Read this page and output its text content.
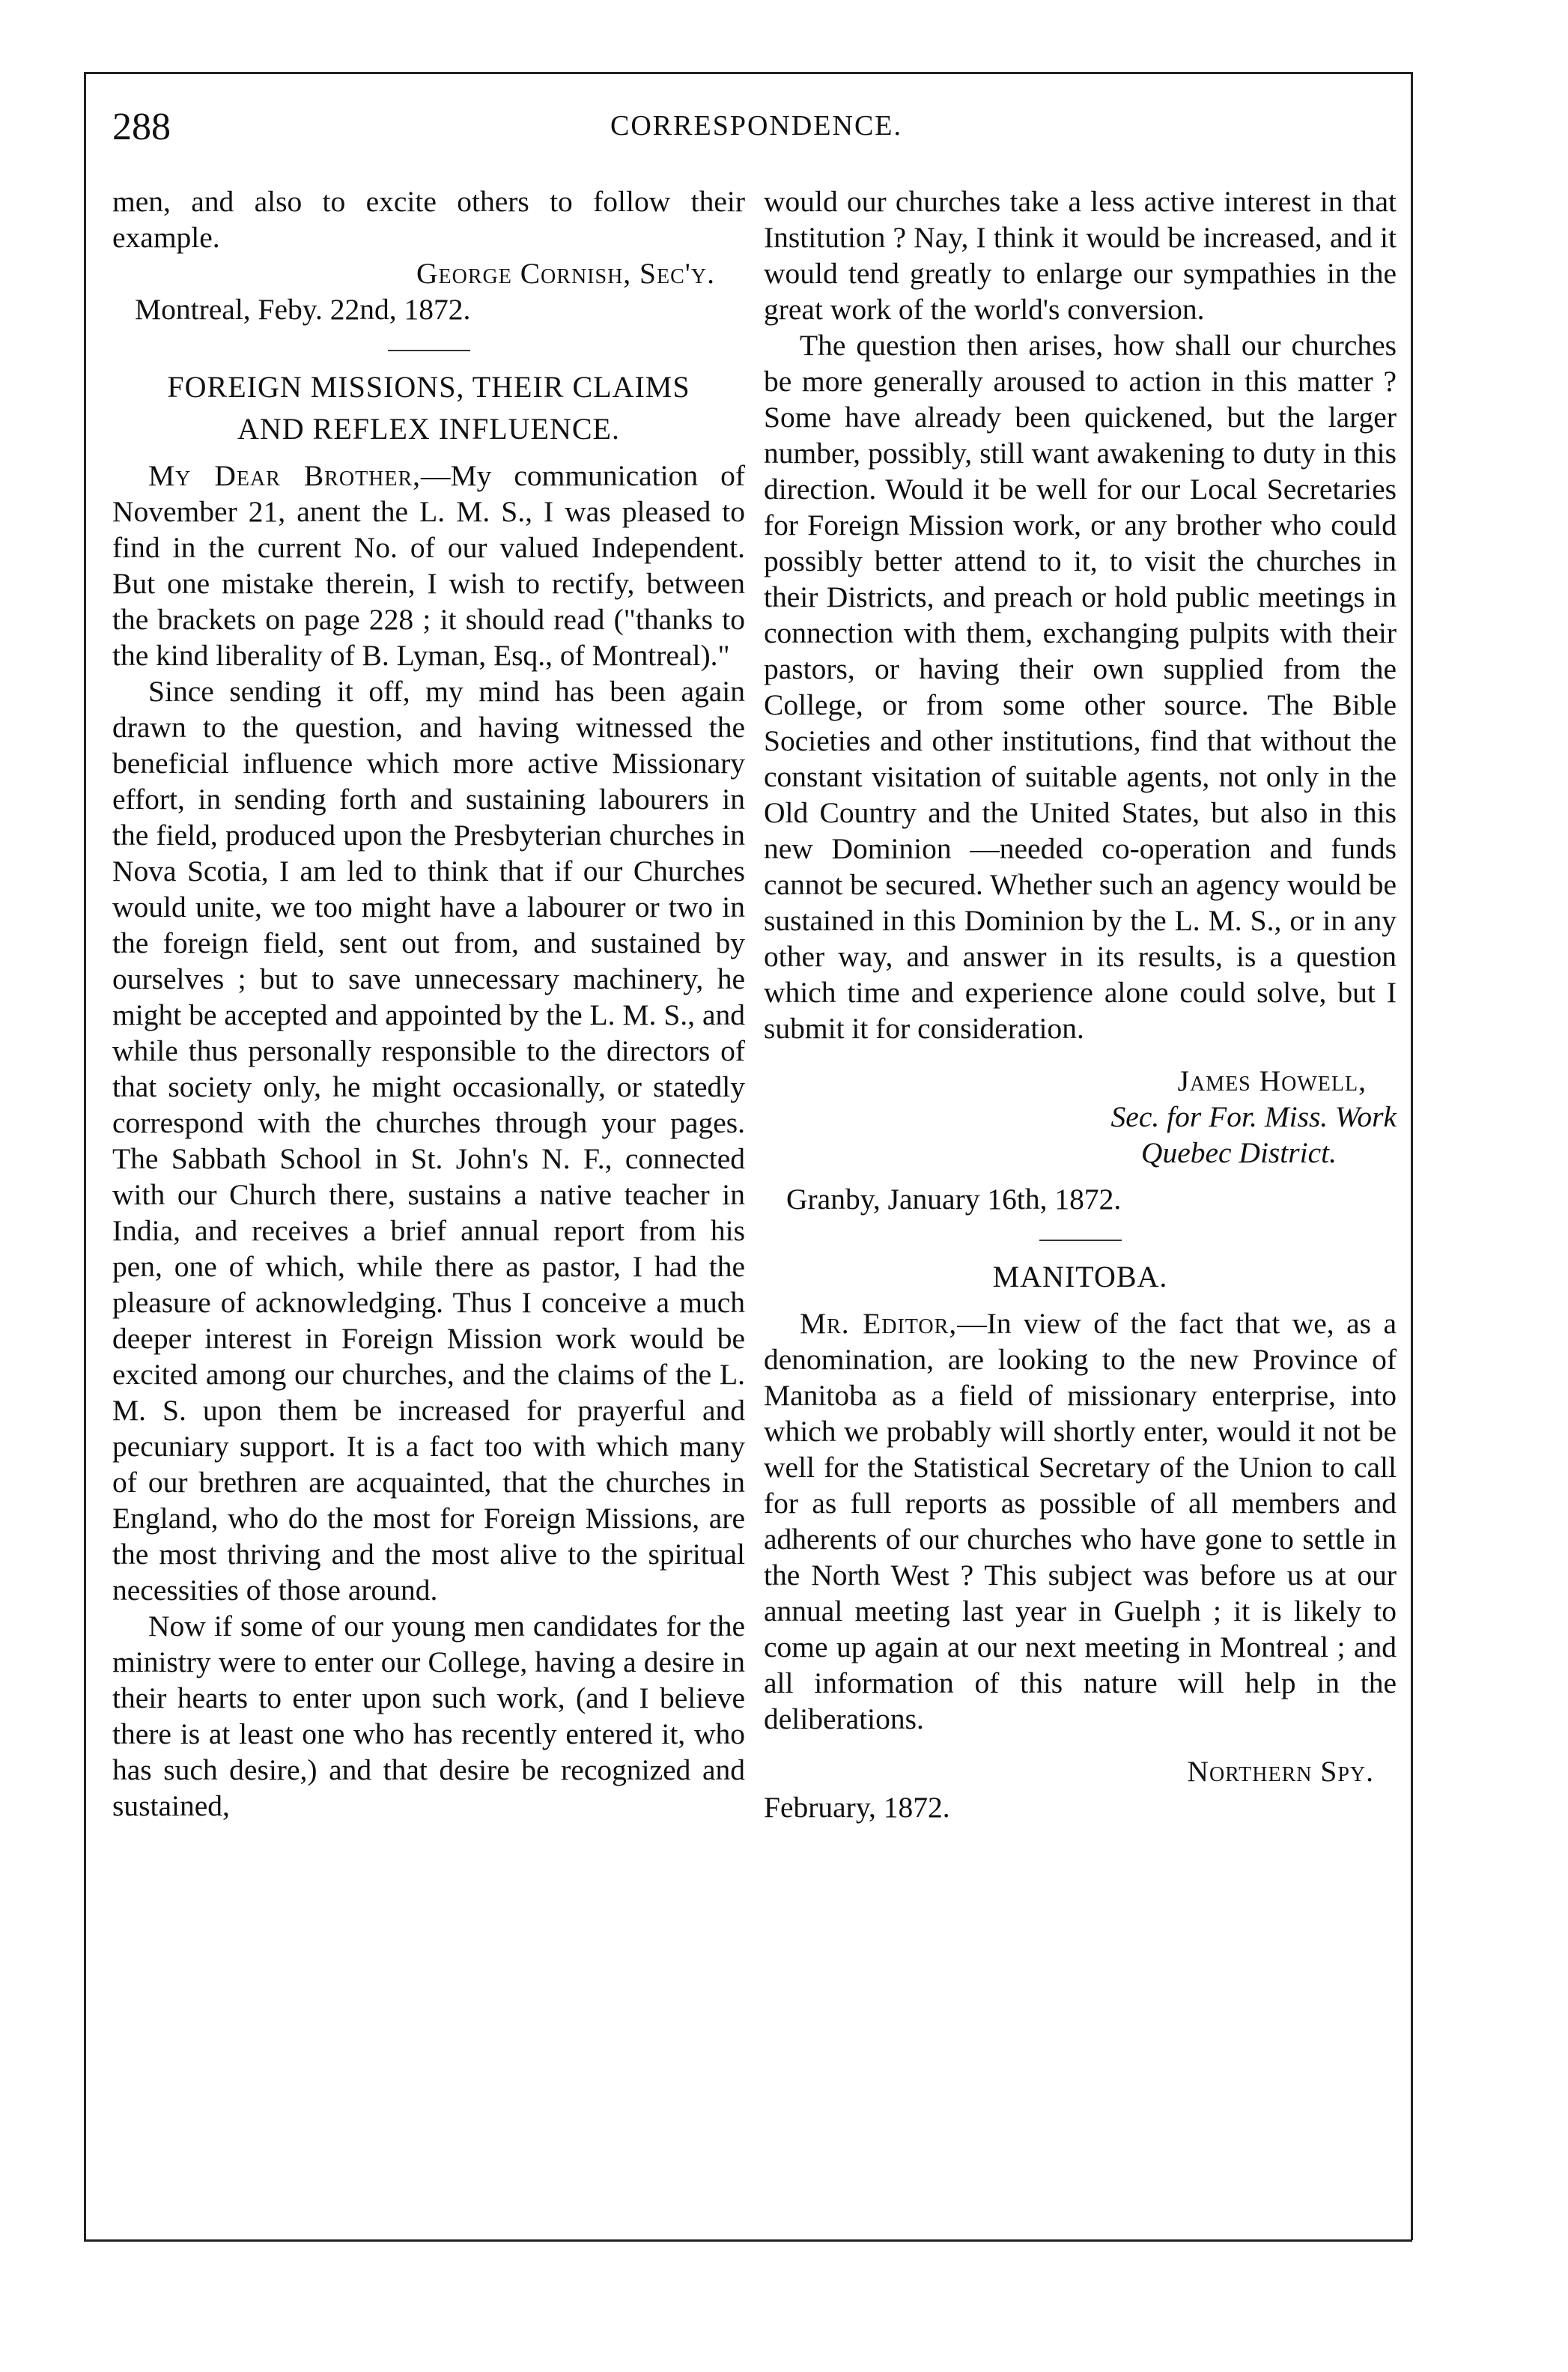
288	CORRESPONDENCE.

men, and also to excite others to follow their example.

George Cornish, Sec'y.

Montreal, Feby. 22nd, 1872.

FOREIGN MISSIONS, THEIR CLAIMS

AND REFLEX INFLUENCE.

My Dear Brother,—My communication of November 21, anent the L. M. S., I was pleased to find in the current No. of our valued Independent. But one mistake therein, I wish to rectify, between the brackets on page 228 ; it should read ("thanks to the kind liberality of B. Lyman, Esq., of Montreal)."

Since sending it off, my mind has been again drawn to the question, and having witnessed the beneficial influence which more active Missionary effort, in sending forth and sustaining labourers in the field, produced upon the Presbyterian churches in Nova Scotia, I am led to think that if our Churches would unite, we too might have a labourer or two in the foreign field, sent out from, and sustained by ourselves ; but to save unnecessary machinery, he might be accepted and appointed by the L. M. S., and while thus personally responsible to the directors of that society only, he might occasionally, or statedly correspond with the churches through your pages. The Sabbath School in St. John's N. F., connected with our Church there, sustains a native teacher in India, and receives a brief annual report from his pen, one of which, while there as pastor, I had the pleasure of acknowledging. Thus I conceive a much deeper interest in Foreign Mission work would be excited among our churches, and the claims of the L. M. S. upon them be increased for prayerful and pecuniary support. It is a fact too with which many of our brethren are acquainted, that the churches in England, who do the most for Foreign Missions, are the most thriving and the most alive to the spiritual necessities of those around.

Now if some of our young men candidates for the ministry were to enter our College, having a desire in their hearts to enter upon such work, (and I believe there is at least one who has recently entered it, who has such desire,) and that desire be recognized and sustained,

would our churches take a less active interest in that Institution ? Nay, I think it would be increased, and it would tend greatly to enlarge our sympathies in the great work of the world's conversion.

The question then arises, how shall our churches be more generally aroused to action in this matter ? Some have already been quickened, but the larger number, possibly, still want awakening to duty in this direction. Would it be well for our Local Secretaries for Foreign Mission work, or any brother who could possibly better attend to it, to visit the churches in their Districts, and preach or hold public meetings in connection with them, exchanging pulpits with their pastors, or having their own supplied from the College, or from some other source. The Bible Societies and other institutions, find that without the constant visitation of suitable agents, not only in the Old Country and the United States, but also in this new Dominion —needed co-operation and funds cannot be secured. Whether such an agency would be sustained in this Dominion by the L. M. S., or in any other way, and answer in its results, is a question which time and experience alone could solve, but I submit it for consideration.

James Howell,

Sec. for For. Miss. Work

Quebec District.

Granby, January 16th, 1872.

MANITOBA.

Mr. Editor,—In view of the fact that we, as a denomination, are looking to the new Province of Manitoba as a field of missionary enterprise, into which we probably will shortly enter, would it not be well for the Statistical Secretary of the Union to call for as full reports as possible of all members and adherents of our churches who have gone to settle in the North West ? This subject was before us at our annual meeting last year in Guelph ; it is likely to come up again at our next meeting in Montreal ; and all information of this nature will help in the deliberations.

Northern Spy.

February, 1872.
